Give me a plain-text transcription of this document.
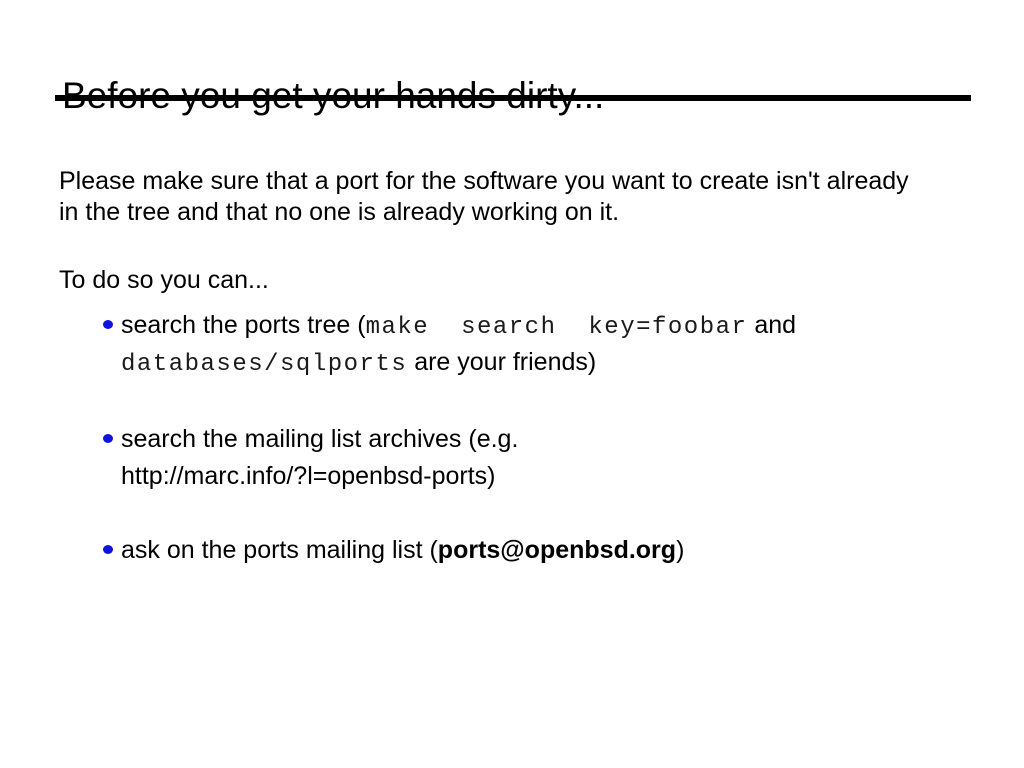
Please make sure that a port for the software you want to create isn't already
in the tree and that no one is already working on it.

To do so you can...

search the ports tree (make search key=foobar and
databases/sqlports are your friends)
search the mailing list archives (e.g.
http://marc.info/?l=openbsd-ports)
ask on the ports mailing list (ports@openbsd.org)
